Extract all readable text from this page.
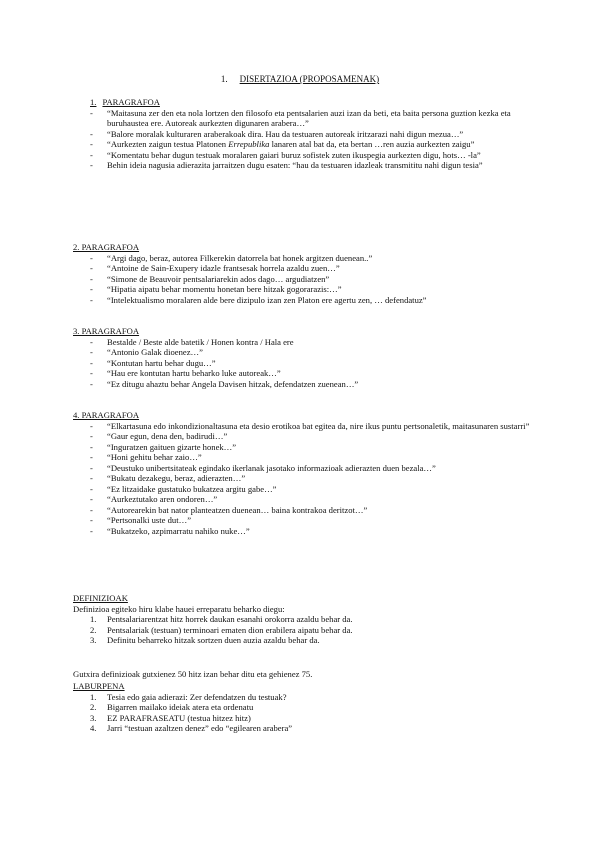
1. DISERTAZIOA (PROPOSAMENAK)
1. PARAGRAFOA
- “Maitasuna zer den eta nola lortzen den filosofo eta pentsalarien auzi izan da beti, eta baita persona guztion kezka eta buruhausteа ere. Autoreak aurkezten digunaren arabera…”
- “Balore moralak kulturaren araberakoak dira. Hau da testuaren autoreak iritzarazi nahi digun mezua…”
- “Aurkezten zaigun testua Platonen Errepublika lanaren atal bat da, eta bertan …ren auzia aurkezten zaigu”
- “Komentatu behar dugun testuak moralaren gaiari buruz sofistek zuten ikuspegia aurkezten digu, hots… -la”
- Behin ideia nagusia adierazita jarraitzen dugu esaten: “hau da testuaren idazleak transmititu nahi digun tesia”
2. PARAGRAFOA
- “Argi dago, beraz, autorea Filkerekin datorrela bat honek argitzen duenean..”
- “Antoine de Sain-Exupery idazle frantsesak horrela azaldu zuen…”
- “Simone de Beauvoir pentsalariarekin ados dago… argudiatzen”
- “Hipatia aipatu behar momentu honetan bere hitzak gogorarazis:…”
- “Intelektualismo moralaren alde bere dizipulo izan zen Platon ere agertu zen, … defendatuz”
3. PARAGRAFOA
- Bestalde / Beste alde batetik / Honen kontra / Hala ere
- “Antonio Galak dioenez…”
- “Kontutan hartu behar dugu…”
- “Hau ere kontutan hartu beharko luke autoreak…”
- “Ez ditugu ahaztu behar Angela Davisen hitzak, defendatzen zuenean…”
4. PARAGRAFOA
- “Elkartasuna edo inkondizionaltasuna eta desio erotikoa bat egitea da, nire ikus puntu pertsonaletik, maitasunaren sustarri”
- “Gaur egun, dena den, badirudi…”
- “Inguratzen gaituen gizarte honek…”
- “Honi gehitu behar zaio…”
- “Deustuko unibertsitateak egindako ikerlanak jasotako informazioak adierazten duen bezala…”
- “Bukatu dezakegu, beraz, adierazten…”
- “Ez litzaidake gustatuko bukatzea argitu gabe…”
- “Aurkeztutako aren ondoren…”
- “Autorearekin bat nator planteatzen duenean… baina kontrakoa deritzot…”
- “Pertsonalki uste dut…”
- “Bukatzeko, azpimarratu nahiko nuke…”
DEFINIZIOAK
Definizioa egiteko hiru klabe hauei erreparatu beharko diegu:
1. Pentsalariarentzat hitz horrek daukan esanahi orokorra azaldu behar da.
2. Pentsalariak (testuan) terminoari ematen dion erabilera aipatu behar da.
3. Definitu beharreko hitzak sortzen duen auzia azaldu behar da.
Gutxira definizioak gutxienez 50 hitz izan behar ditu eta gehienez 75.
LABURPENA
1. Tesia edo gaia adierazi: Zer defendatzen du testuak?
2. Bigarren mailako ideiak atera eta ordenatu
3. EZ PARAFRASEATU (testua hitzez hitz)
4. Jarri “testuan azaltzen denez” edo “egilearen arabera”
